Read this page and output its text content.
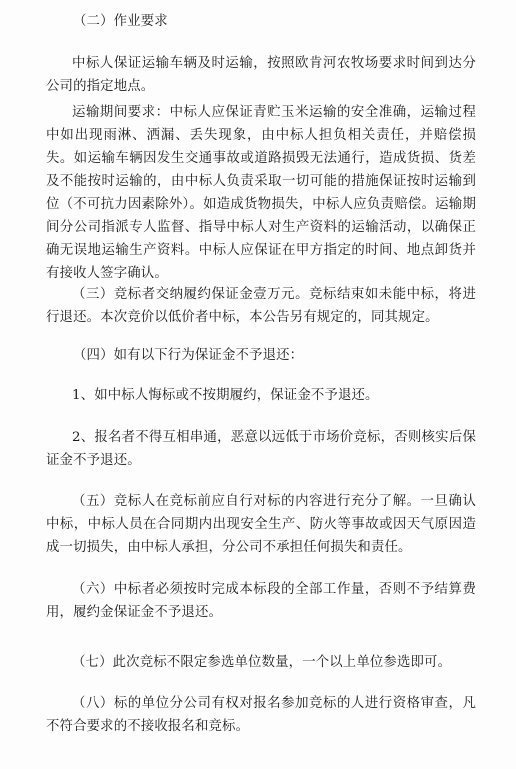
（二）作业要求
中标人保证运输车辆及时运输，按照欧肯河农牧场要求时间到达分公司的指定地点。
运输期间要求：中标人应保证青贮玉米运输的安全准确，运输过程中如出现雨淋、洒漏、丢失现象，由中标人担负相关责任，并赔偿损失。如运输车辆因发生交通事故或道路损毁无法通行，造成货损、货差及不能按时运输的，由中标人负责采取一切可能的措施保证按时运输到位（不可抗力因素除外）。如造成货物损失，中标人应负责赔偿。运输期间分公司指派专人监督、指导中标人对生产资料的运输活动，以确保正确无误地运输生产资料。中标人应保证在甲方指定的时间、地点卸货并有接收人签字确认。
（三）竞标者交纳履约保证金壹万元。竞标结束如未能中标，将进行退还。本次竞价以低价者中标，本公告另有规定的，同其规定。
（四）如有以下行为保证金不予退还：
1、如中标人悔标或不按期履约，保证金不予退还。
2、报名者不得互相串通，恶意以远低于市场价竞标，否则核实后保证金不予退还。
（五）竞标人在竞标前应自行对标的内容进行充分了解。一旦确认中标，中标人员在合同期内出现安全生产、防火等事故或因天气原因造成一切损失，由中标人承担，分公司不承担任何损失和责任。
（六）中标者必须按时完成本标段的全部工作量，否则不予结算费用，履约金保证金不予退还。
（七）此次竞标不限定参选单位数量，一个以上单位参选即可。
（八）标的单位分公司有权对报名参加竞标的人进行资格审查，凡不符合要求的不接收报名和竞标。
